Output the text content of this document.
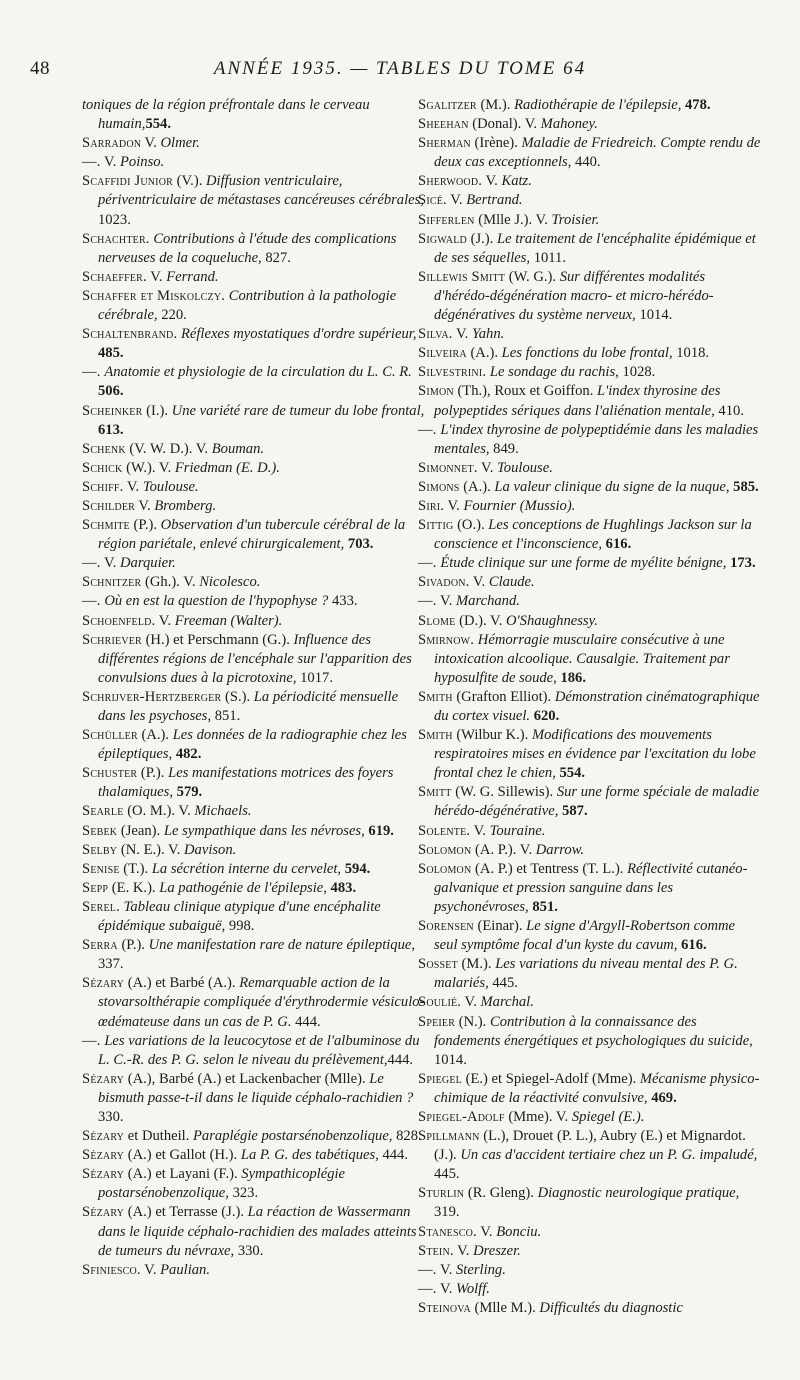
48	ANNÉE 1935. — TABLES DU TOME 64

toniques de la région préfrontale dans le cerveau humain,554.

Sarradon V. Olmer.

—. V. Poinso.

Scaffidi Junior (V.). Diffusion ventriculaire, périventriculaire de métastases cancéreuses cérébrales, 1023.

Schachter. Contributions à l'étude des complications nerveuses de la coqueluche, 827.

Schaeffer. V. Ferrand.

Schaffer et Miskolczy. Contribution à la pathologie cérébrale, 220.

Schaltenbrand. Réflexes myostatiques d'ordre supérieur, 485.

—. Anatomie et physiologie de la circulation du L. C. R. 506.

Scheinker (I.). Une variété rare de tumeur du lobe frontal, 613.

Schenk (V. W. D.). V. Bouman.

Schick (W.). V. Friedman (E. D.).

Schiff. V. Toulouse.

Schilder V. Bromberg.

Schmite (P.). Observation d'un tubercule cérébral de la région pariétale, enlevé chirurgicalement, 703.

—. V. Darquier.

Schnitzer (Gh.). V. Nicolesco.

—. Où en est la question de l'hypophyse ? 433.

Schoenfeld. V. Freeman (Walter).

Schriever (H.) et Perschmann (G.). Influence des différentes régions de l'encéphale sur l'apparition des convulsions dues à la picrotoxine, 1017.

Schrijver-Hertzberger (S.). La périodicité mensuelle dans les psychoses, 851.

Schüller (A.). Les données de la radiographie chez les épileptiques, 482.

Schuster (P.). Les manifestations motrices des foyers thalamiques, 579.

Searle (O. M.). V. Michaels.

Sebek (Jean). Le sympathique dans les névroses, 619.

Selby (N. E.). V. Davison.

Senise (T.). La sécrétion interne du cervelet, 594.

Sepp (E. K.). La pathogénie de l'épilepsie, 483.

Serel. Tableau clinique atypique d'une encéphalite épidémique subaiguë, 998.

Serra (P.). Une manifestation rare de nature épileptique, 337.

Sézary (A.) et Barbé (A.). Remarquable action de la stovarsolthérapie compliquée d'érythrodermie vésiculo-œdémateuse dans un cas de P. G. 444.

—. Les variations de la leucocytose et de l'albuminose du L. C.-R. des P. G. selon le niveau du prélèvement,444.

Sézary (A.), Barbé (A.) et Lackenbacher (Mlle). Le bismuth passe-t-il dans le liquide céphalo-rachidien ? 330.

Sézary et Dutheil. Paraplégie postarsénobenzolique, 828.

Sézary (A.) et Gallot (H.). La P. G. des tabétiques, 444.

Sézary (A.) et Layani (F.). Sympathicoplégie postarsénobenzolique, 323.

Sézary (A.) et Terrasse (J.). La réaction de Wassermann dans le liquide céphalo-rachidien des malades atteints de tumeurs du névraxe, 330.

Sfiniesco. V. Paulian.

Sgalitzer (M.). Radiothérapie de l'épilepsie, 478.

Sheehan (Donal). V. Mahoney.

Sherman (Irène). Maladie de Friedreich. Compte rendu de deux cas exceptionnels, 440.

Sherwood. V. Katz.

Sicé. V. Bertrand.

Sifferlen (Mlle J.). V. Troisier.

Sigwald (J.). Le traitement de l'encéphalite épidémique et de ses séquelles, 1011.

Sillewis Smitt (W. G.). Sur différentes modalités d'hérédo-dégénération macro- et micro-hérédo-dégénératives du système nerveux, 1014.

Silva. V. Yahn.

Silveira (A.). Les fonctions du lobe frontal, 1018.

Silvestrini. Le sondage du rachis, 1028.

Simon (Th.), Roux et Goiffon. L'index thyrosine des polypeptides sériques dans l'aliénation mentale, 410.

—. L'index thyrosine de polypeptidémie dans les maladies mentales, 849.

Simonnet. V. Toulouse.

Simons (A.). La valeur clinique du signe de la nuque, 585.

Siri. V. Fournier (Mussio).

Sittig (O.). Les conceptions de Hughlings Jackson sur la conscience et l'inconscience, 616.

—. Étude clinique sur une forme de myélite bénigne, 173.

Sivadon. V. Claude.

—. V. Marchand.

Slome (D.). V. O'Shaughnessy.

Smirnow. Hémorragie musculaire consécutive à une intoxication alcoolique. Causalgie. Traitement par hyposulfite de soude, 186.

Smith (Grafton Elliot). Démonstration cinématographique du cortex visuel. 620.

Smith (Wilbur K.). Modifications des mouvements respiratoires mises en évidence par l'excitation du lobe frontal chez le chien, 554.

Smitt (W. G. Sillewis). Sur une forme spéciale de maladie hérédo-dégénérative, 587.

Solente. V. Touraine.

Solomon (A. P.). V. Darrow.

Solomon (A. P.) et Tentress (T. L.). Réflectivité cutanéo-galvanique et pression sanguine dans les psychonévroses, 851.

Sorensen (Einar). Le signe d'Argyll-Robertson comme seul symptôme focal d'un kyste du cavum, 616.

Sosset (M.). Les variations du niveau mental des P. G. malariés, 445.

Soulié. V. Marchal.

Speier (N.). Contribution à la connaissance des fondements énergétiques et psychologiques du suicide, 1014.

Spiegel (E.) et Spiegel-Adolf (Mme). Mécanisme physico-chimique de la réactivité convulsive, 469.

Spiegel-Adolf (Mme). V. Spiegel (E.).

Spillmann (L.), Drouet (P. L.), Aubry (E.) et Mignardot. (J.). Un cas d'accident tertiaire chez un P. G. impaludé, 445.

Sturlin (R. Gleng). Diagnostic neurologique pratique, 319.

Stanesco. V. Bonciu.

Stein. V. Dreszer.

—. V. Sterling.

—. V. Wolff.

Steinova (Mlle M.). Difficultés du diagnostic
